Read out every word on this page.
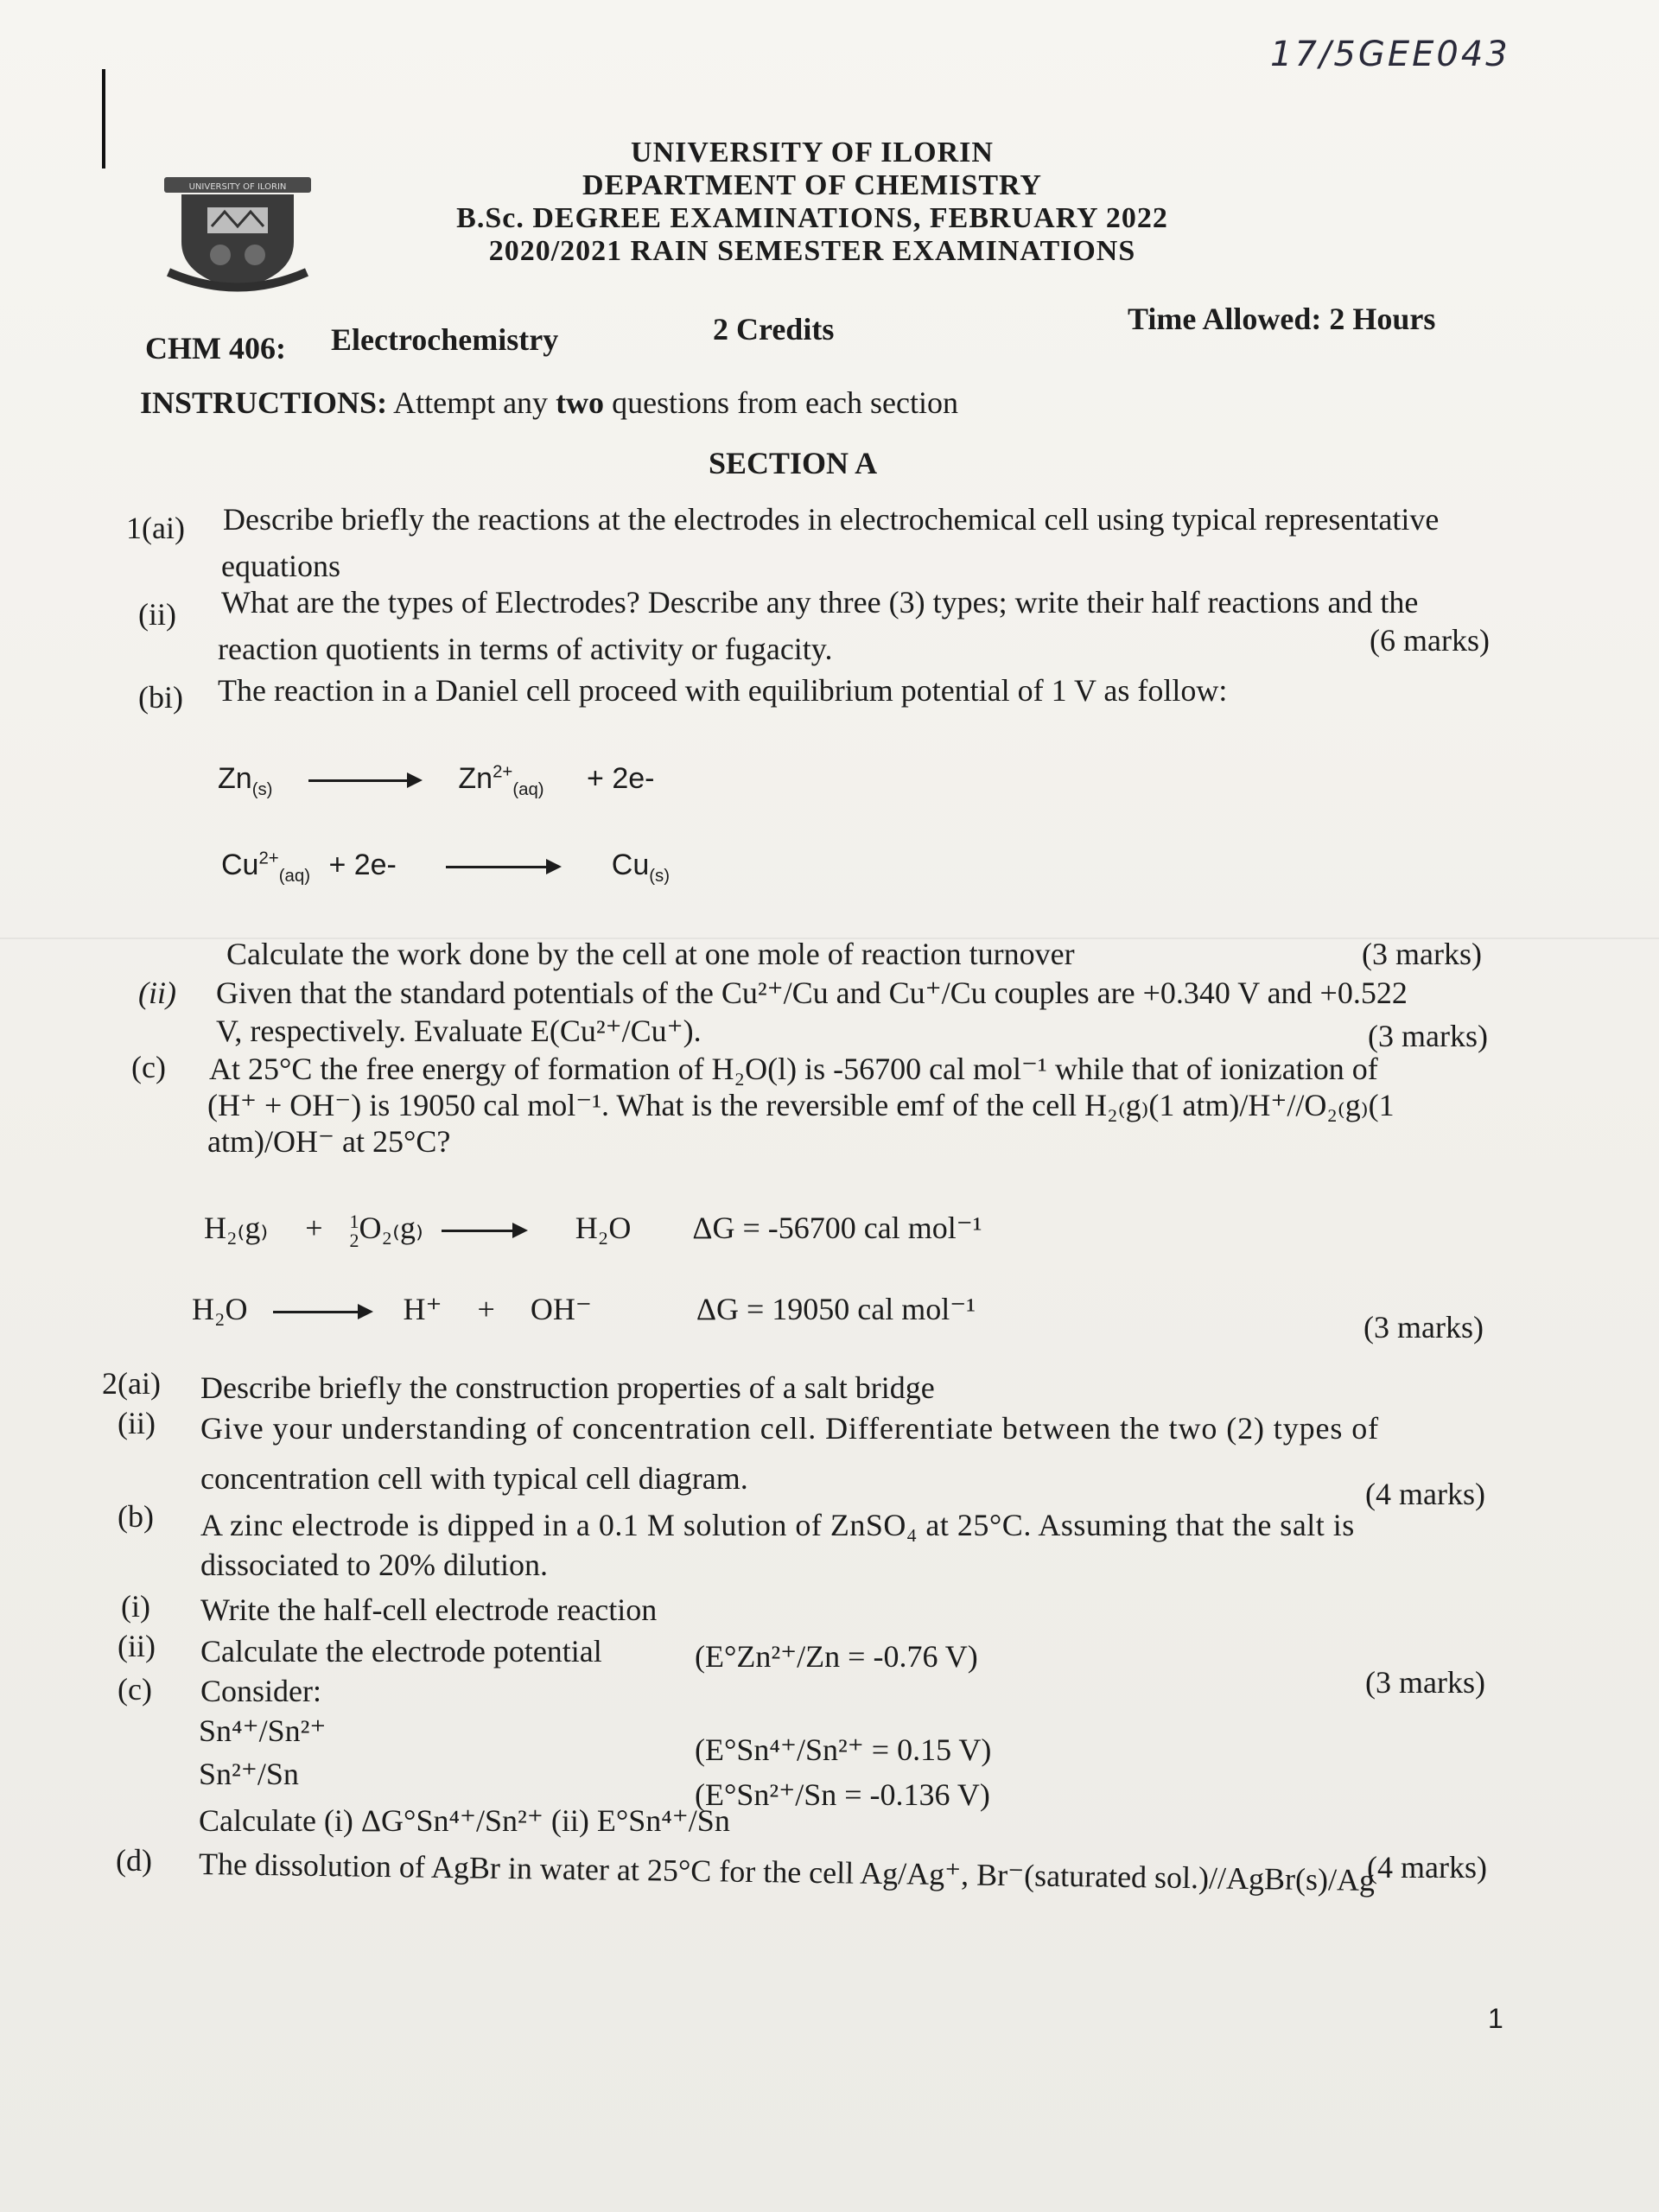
17/5GEE043
UNIVERSITY OF ILORIN
UNIVERSITY OF ILORIN
DEPARTMENT OF CHEMISTRY
B.Sc. DEGREE EXAMINATIONS, FEBRUARY 2022
2020/2021 RAIN SEMESTER EXAMINATIONS
CHM 406: Electrochemistry	2 Credits	Time Allowed: 2 Hours
INSTRUCTIONS: Attempt any two questions from each section
SECTION A
1(ai) Describe briefly the reactions at the electrodes in electrochemical cell using typical representative
equations
(ii) What are the types of Electrodes? Describe any three (3) types; write their half reactions and the
reaction quotients in terms of activity or fugacity.	(6 marks)
(bi) The reaction in a Daniel cell proceed with equilibrium potential of 1 V as follow:
$Zn_{(s)}$	$Zn^{2+}_{(aq)} + 2e-$
$Cu^{2+}_{(aq)} + 2e-$	$Cu_{(s)}$
Calculate the work done by the cell at one mole of reaction turnover	(3 marks)
(ii) Given that the standard potentials of the Cu²⁺/Cu and Cu⁺/Cu couples are +0.340 V and +0.522
V, respectively. Evaluate E(Cu²⁺/Cu⁺).	(3 marks)
(c) At 25°C the free energy of formation of H₂O(l) is -56700 cal mol⁻¹ while that of ionization of
(H⁺ + OH⁻) is 19050 cal mol⁻¹. What is the reversible emf of the cell H₂₍g₎(1 atm)/H⁺//O₂₍g₎(1
atm)/OH⁻ at 25°C?
H₂₍g₎ + 1
2O₂₍g₎	H₂O ΔG = -56700 cal mol⁻¹
H₂O	H⁺ + OH⁻	ΔG = 19050 cal mol⁻¹
(3 marks)
2(ai) Describe briefly the construction properties of a salt bridge
(ii) Give your understanding of concentration cell. Differentiate between the two (2) types of
concentration cell with typical cell diagram.	(4 marks)
(b) A zinc electrode is dipped in a 0.1 M solution of ZnSO₄ at 25°C. Assuming that the salt is
dissociated to 20% dilution.
(i) Write the half-cell electrode reaction
(ii) Calculate the electrode potential	(E°Zn²⁺/Zn = -0.76 V)
(c) Consider:	(3 marks)
Sn⁴⁺/Sn²⁺
Sn²⁺/Sn
(E°Sn⁴⁺/Sn²⁺ = 0.15 V)
(E°Sn²⁺/Sn = -0.136 V)
Calculate (i) ΔG°Sn⁴⁺/Sn²⁺ (ii) E°Sn⁴⁺/Sn
(4 marks)
(d) The dissolution of AgBr in water at 25°C for the cell Ag/Ag⁺, Br⁻(saturated sol.)//AgBr(s)/Ag
1
